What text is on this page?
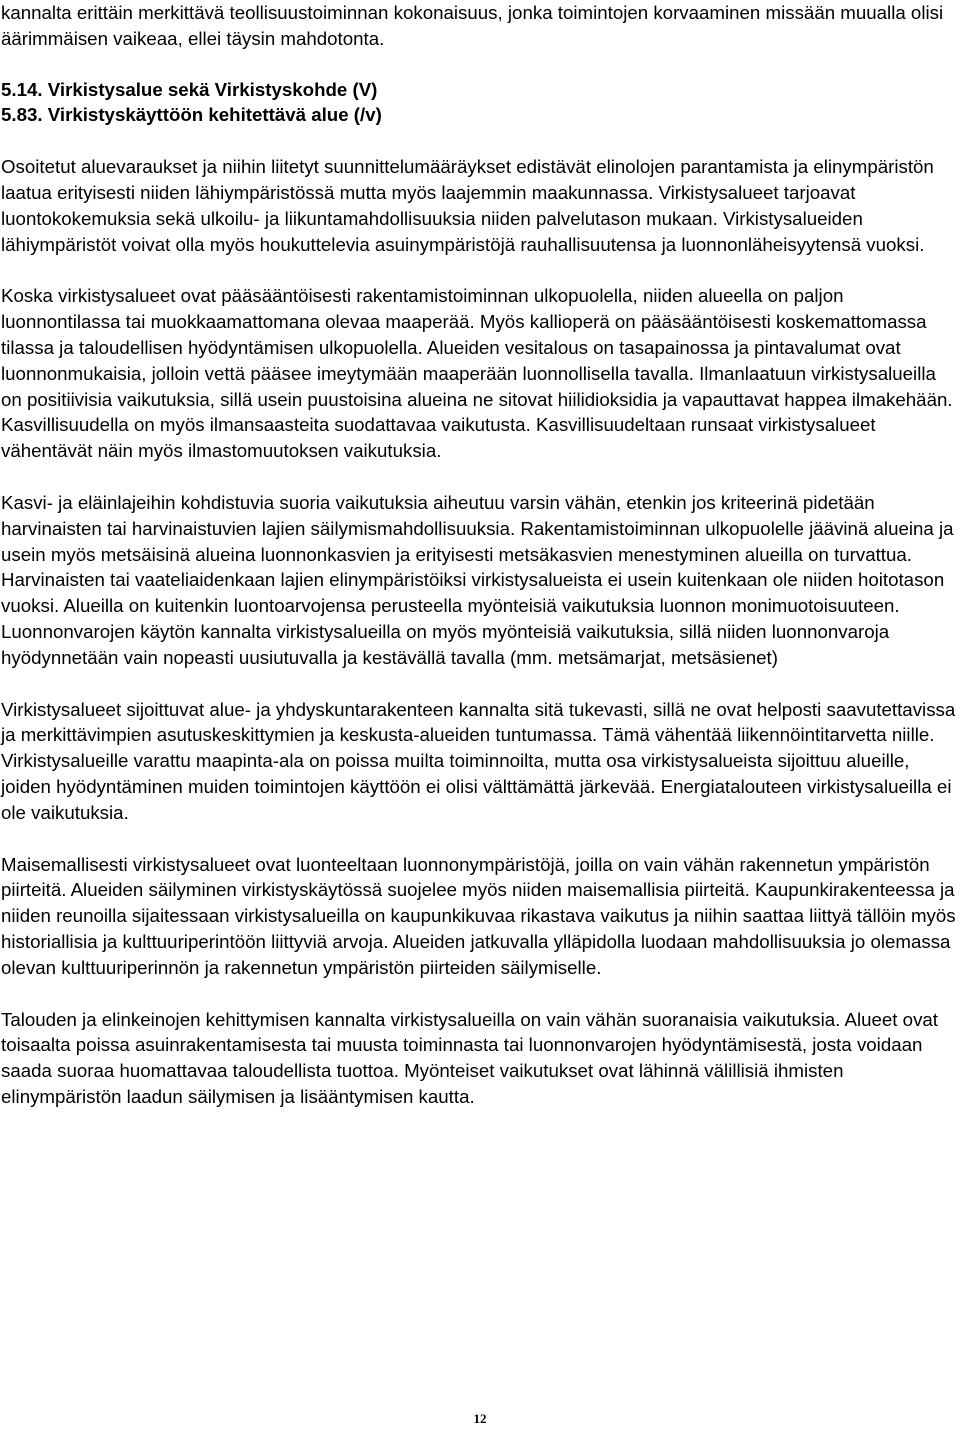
kannalta erittäin merkittävä teollisuustoiminnan kokonaisuus, jonka toimintojen korvaaminen missään muualla olisi äärimmäisen vaikeaa, ellei täysin mahdotonta.

5.14. Virkistysalue sekä Virkistyskohde (V)

5.83. Virkistyskäyttöön kehitettävä alue (/v)

Osoitetut aluevaraukset ja niihin liitetyt suunnittelumääräykset edistävät elinolojen parantamista ja elinympäristön laatua erityisesti niiden lähiympäristössä mutta myös laajemmin maakunnassa. Virkistysalueet tarjoavat luontokokemuksia sekä ulkoilu- ja liikuntamahdollisuuksia niiden palvelutason mukaan. Virkistysalueiden lähiympäristöt voivat olla myös houkuttelevia asuinympäristöjä rauhallisuutensa ja luonnonläheisyytensä vuoksi.

Koska virkistysalueet ovat pääsääntöisesti rakentamistoiminnan ulkopuolella, niiden alueella on paljon luonnontilassa tai muokkaamattomana olevaa maaperää. Myös kallioperä on pääsääntöisesti koskemattomassa tilassa ja taloudellisen hyödyntämisen ulkopuolella. Alueiden vesitalous on tasapainossa ja pintavalumat ovat luonnonmukaisia, jolloin vettä pääsee imeytymään maaperään luonnollisella tavalla. Ilmanlaatuun virkistysalueilla on positiivisia vaikutuksia, sillä usein puustoisina alueina ne sitovat hiilidioksidia ja vapauttavat happea ilmakehään. Kasvillisuudella on myös ilmansaasteita suodattavaa vaikutusta. Kasvillisuudeltaan runsaat virkistysalueet vähentävät näin myös ilmastomuutoksen vaikutuksia.

Kasvi- ja eläinlajeihin kohdistuvia suoria vaikutuksia aiheutuu varsin vähän, etenkin jos kriteerinä pidetään harvinaisten tai harvinaistuvien lajien säilymismahdollisuuksia. Rakentamistoiminnan ulkopuolelle jäävinä alueina ja usein myös metsäisinä alueina luonnonkasvien ja erityisesti metsäkasvien menestyminen alueilla on turvattua. Harvinaisten tai vaateliaidenkaan lajien elinympäristöiksi virkistysalueista ei usein kuitenkaan ole niiden hoitotason vuoksi. Alueilla on kuitenkin luontoarvojensa perusteella myönteisiä vaikutuksia luonnon monimuotoisuuteen. Luonnonvarojen käytön kannalta virkistysalueilla on myös myönteisiä vaikutuksia, sillä niiden luonnonvaroja hyödynnetään vain nopeasti uusiutuvalla ja kestävällä tavalla (mm. metsämarjat, metsäsienet)

Virkistysalueet sijoittuvat alue- ja yhdyskuntarakenteen kannalta sitä tukevasti, sillä ne ovat helposti saavutettavissa ja merkittävimpien asutuskeskittymien ja keskusta-alueiden tuntumassa. Tämä vähentää liikennöintitarvetta niille. Virkistysalueille varattu maapinta-ala on poissa muilta toiminnoilta, mutta osa virkistysalueista sijoittuu alueille, joiden hyödyntäminen muiden toimintojen käyttöön ei olisi välttämättä järkevää. Energiatalouteen virkistysalueilla ei ole vaikutuksia.

Maisemallisesti virkistysalueet ovat luonteeltaan luonnonympäristöjä, joilla on vain vähän rakennetun ympäristön piirteitä. Alueiden säilyminen virkistyskäytössä suojelee myös niiden maisemallisia piirteitä. Kaupunkirakenteessa ja niiden reunoilla sijaitessaan virkistysalueilla on kaupunkikuvaa rikastava vaikutus ja niihin saattaa liittyä tällöin myös historiallisia ja kulttuuriperintöön liittyviä arvoja. Alueiden jatkuvalla ylläpidolla luodaan mahdollisuuksia jo olemassa olevan kulttuuriperinnön ja rakennetun ympäristön piirteiden säilymiselle.

Talouden ja elinkeinojen kehittymisen kannalta virkistysalueilla on vain vähän suoranaisia vaikutuksia. Alueet ovat toisaalta poissa asuinrakentamisesta tai muusta toiminnasta tai luonnonvarojen hyödyntämisestä, josta voidaan saada suoraa huomattavaa taloudellista tuottoa. Myönteiset vaikutukset ovat lähinnä välillisiä ihmisten elinympäristön laadun säilymisen ja lisääntymisen kautta.

12
